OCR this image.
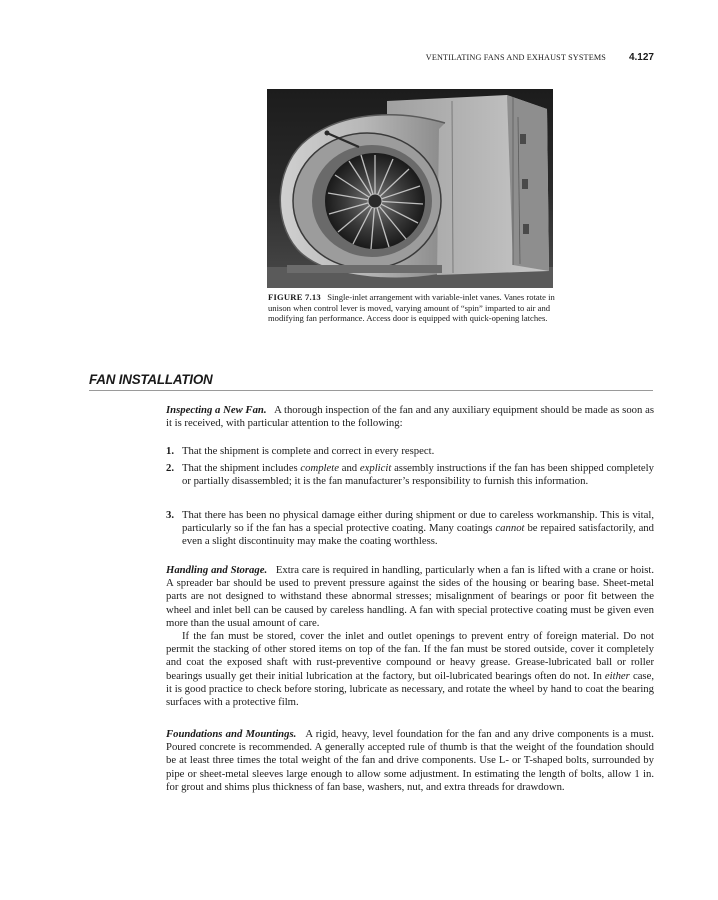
VENTILATING FANS AND EXHAUST SYSTEMS 4.127
FIGURE 7.13 Single-inlet arrangement with variable-inlet vanes. Vanes rotate in unison when control lever is moved, varying amount of “spin” imparted to air and modifying fan performance. Access door is equipped with quick-opening latches.
FAN INSTALLATION

Inspecting a New Fan. A thorough inspection of the fan and any auxiliary equipment should be made as soon as it is received, with particular attention to the following:

1. That the shipment is complete and correct in every respect.
2. That the shipment includes complete and explicit assembly instructions if the fan has been shipped completely or partially disassembled; it is the fan manufacturer’s responsibility to furnish this information.
3. That there has been no physical damage either during shipment or due to careless workmanship. This is vital, particularly so if the fan has a special protective coating. Many coatings cannot be repaired satisfactorily, and even a slight discontinuity may make the coating worthless.

Handling and Storage. Extra care is required in handling, particularly when a fan is lifted with a crane or hoist. A spreader bar should be used to prevent pressure against the sides of the housing or bearing base. Sheet-metal parts are not designed to withstand these abnormal stresses; misalignment of bearings or poor fit between the wheel and inlet bell can be caused by careless handling. A fan with special protective coating must be given even more than the usual amount of care.

If the fan must be stored, cover the inlet and outlet openings to prevent entry of foreign material. Do not permit the stacking of other stored items on top of the fan. If the fan must be stored outside, cover it completely and coat the exposed shaft with rust-preventive compound or heavy grease. Grease-lubricated ball or roller bearings usually get their initial lubrication at the factory, but oil-lubricated bearings often do not. In either case, it is good practice to check before storing, lubricate as necessary, and rotate the wheel by hand to coat the bearing surfaces with a protective film.

Foundations and Mountings. A rigid, heavy, level foundation for the fan and any drive components is a must. Poured concrete is recommended. A generally accepted rule of thumb is that the weight of the foundation should be at least three times the total weight of the fan and drive components. Use L- or T-shaped bolts, surrounded by pipe or sheet-metal sleeves large enough to allow some adjustment. In estimating the length of bolts, allow 1 in. for grout and shims plus thickness of fan base, washers, nut, and extra threads for drawdown.
